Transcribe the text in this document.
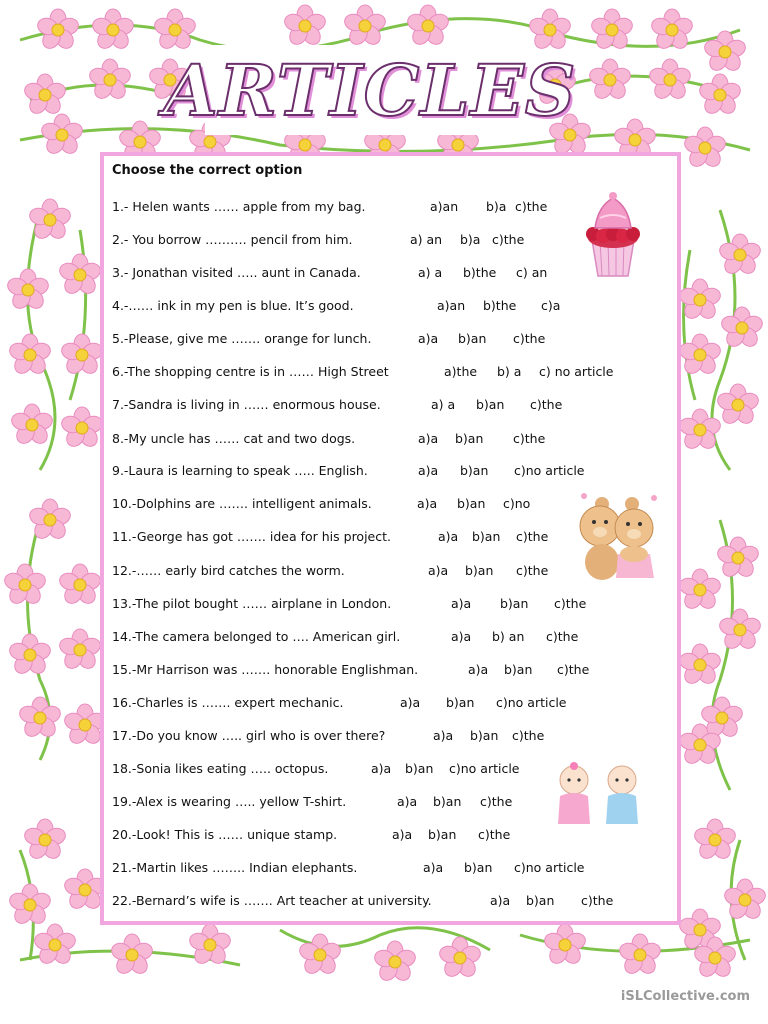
ARTICLES
Choose the correct option
1.- Helen wants …… apple from my bag.	a)an b)a c)the
2.- You borrow ………. pencil from him.	a) an b)a c)the
3.- Jonathan visited ….. aunt in Canada.	a) a b)the c) an
4.-…… ink in my pen is blue. It’s good.	a)an b)the c)a
5.-Please, give me ……. orange for lunch.	a)a b)an c)the
6.-The shopping centre is in …… High Street	a)the b) a c) no article
7.-Sandra is living in …… enormous house.	a) a b)an c)the
8.-My uncle has …… cat and two dogs.	a)a b)an c)the
9.-Laura is learning to speak ….. English.	a)a b)an c)no article
10.-Dolphins are ……. intelligent animals.	a)a b)an c)no
11.-George has got ……. idea for his project.	a)a b)an c)the
12.-…… early bird catches the worm.	a)a b)an c)the
13.-The pilot bought …… airplane in London.	a)a b)an c)the
14.-The camera belonged to …. American girl.	a)a b) an c)the
15.-Mr Harrison was ……. honorable Englishman.	a)a b)an c)the
16.-Charles is ……. expert mechanic.	a)a b)an c)no article
17.-Do you know ….. girl who is over there?	a)a b)an c)the
18.-Sonia likes eating ….. octopus.	a)a b)an c)no article
19.-Alex is wearing ….. yellow T-shirt.	a)a b)an c)the
20.-Look! This is …… unique stamp.	a)a b)an c)the
21.-Martin likes …….. Indian elephants.	a)a b)an c)no article
22.-Bernard’s wife is ……. Art teacher at university.	a)a b)an c)the
iSLCollective.com
